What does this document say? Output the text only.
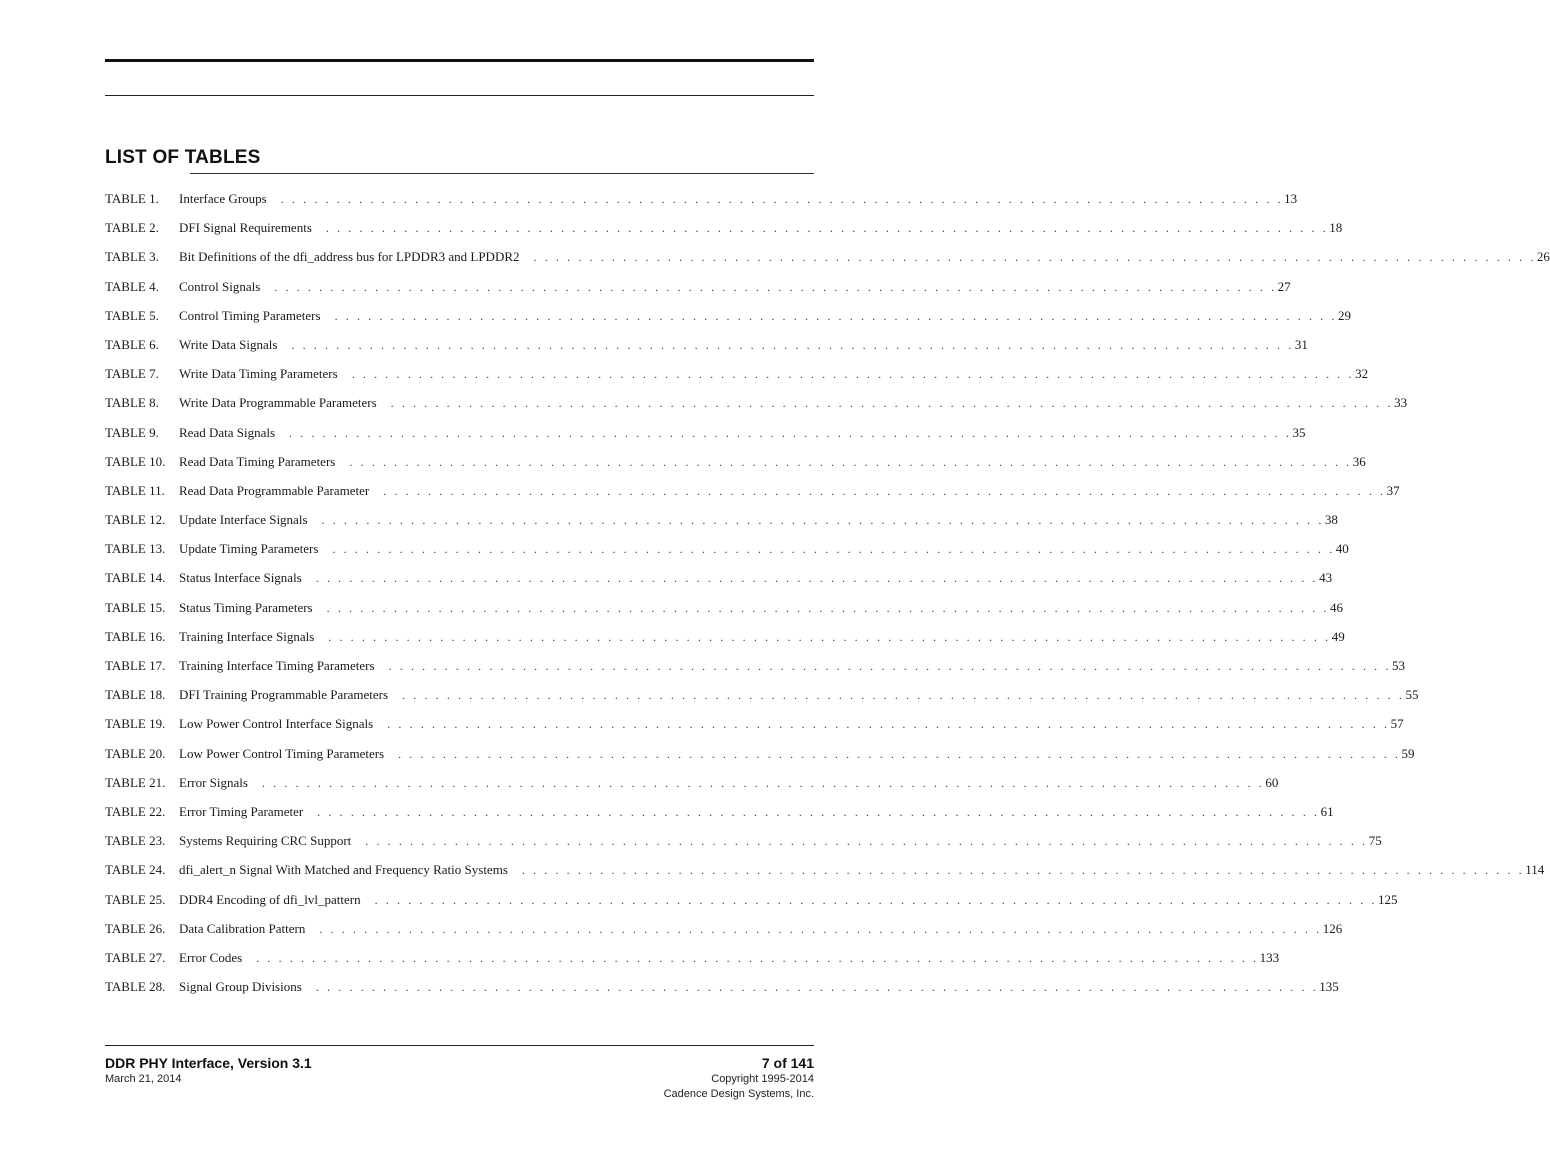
LIST OF TABLES
TABLE 1.	Interface Groups	. . . . . . . . . . . . . . . . . . . . . . . . . . . . . . . . . . . . . . . . . . . . . . . . . . . . . . . . . . . . . . . . . . . . . . . . . . . . . . . . . . . . . . . . . . 13
TABLE 2.	DFI Signal Requirements	. . . . . . . . . . . . . . . . . . . . . . . . . . . . . . . . . . . . . . . . . . . . . . . . . . . . . . . . . . . . . . . . . . . . . . . . . . . . . . . . . . . . . . . . . . 18
TABLE 3.	Bit Definitions of the dfi_address bus for LPDDR3 and LPDDR2	. . . . . . . . . . . . . . . . . . . . . . . . . . . . . . . . . . . . . . . . . . . . . . . . . . . . . . . . . . . . . . . . . . . . . . . . . . . . . . . . . . . . . . . . . . 26
TABLE 4.	Control Signals	. . . . . . . . . . . . . . . . . . . . . . . . . . . . . . . . . . . . . . . . . . . . . . . . . . . . . . . . . . . . . . . . . . . . . . . . . . . . . . . . . . . . . . . . . . 27
TABLE 5.	Control Timing Parameters	. . . . . . . . . . . . . . . . . . . . . . . . . . . . . . . . . . . . . . . . . . . . . . . . . . . . . . . . . . . . . . . . . . . . . . . . . . . . . . . . . . . . . . . . . . 29
TABLE 6.	Write Data Signals	. . . . . . . . . . . . . . . . . . . . . . . . . . . . . . . . . . . . . . . . . . . . . . . . . . . . . . . . . . . . . . . . . . . . . . . . . . . . . . . . . . . . . . . . . . 31
TABLE 7.	Write Data Timing Parameters	. . . . . . . . . . . . . . . . . . . . . . . . . . . . . . . . . . . . . . . . . . . . . . . . . . . . . . . . . . . . . . . . . . . . . . . . . . . . . . . . . . . . . . . . . . 32
TABLE 8.	Write Data Programmable Parameters	. . . . . . . . . . . . . . . . . . . . . . . . . . . . . . . . . . . . . . . . . . . . . . . . . . . . . . . . . . . . . . . . . . . . . . . . . . . . . . . . . . . . . . . . . . 33
TABLE 9.	Read Data Signals	. . . . . . . . . . . . . . . . . . . . . . . . . . . . . . . . . . . . . . . . . . . . . . . . . . . . . . . . . . . . . . . . . . . . . . . . . . . . . . . . . . . . . . . . . . 35
TABLE 10.	Read Data Timing Parameters	. . . . . . . . . . . . . . . . . . . . . . . . . . . . . . . . . . . . . . . . . . . . . . . . . . . . . . . . . . . . . . . . . . . . . . . . . . . . . . . . . . . . . . . . . . 36
TABLE 11.	Read Data Programmable Parameter	. . . . . . . . . . . . . . . . . . . . . . . . . . . . . . . . . . . . . . . . . . . . . . . . . . . . . . . . . . . . . . . . . . . . . . . . . . . . . . . . . . . . . . . . . . 37
TABLE 12.	Update Interface Signals	. . . . . . . . . . . . . . . . . . . . . . . . . . . . . . . . . . . . . . . . . . . . . . . . . . . . . . . . . . . . . . . . . . . . . . . . . . . . . . . . . . . . . . . . . . 38
TABLE 13.	Update Timing Parameters	. . . . . . . . . . . . . . . . . . . . . . . . . . . . . . . . . . . . . . . . . . . . . . . . . . . . . . . . . . . . . . . . . . . . . . . . . . . . . . . . . . . . . . . . . . 40
TABLE 14.	Status Interface Signals	. . . . . . . . . . . . . . . . . . . . . . . . . . . . . . . . . . . . . . . . . . . . . . . . . . . . . . . . . . . . . . . . . . . . . . . . . . . . . . . . . . . . . . . . . . 43
TABLE 15.	Status Timing Parameters	. . . . . . . . . . . . . . . . . . . . . . . . . . . . . . . . . . . . . . . . . . . . . . . . . . . . . . . . . . . . . . . . . . . . . . . . . . . . . . . . . . . . . . . . . . 46
TABLE 16.	Training Interface Signals	. . . . . . . . . . . . . . . . . . . . . . . . . . . . . . . . . . . . . . . . . . . . . . . . . . . . . . . . . . . . . . . . . . . . . . . . . . . . . . . . . . . . . . . . . . 49
TABLE 17.	Training Interface Timing Parameters	. . . . . . . . . . . . . . . . . . . . . . . . . . . . . . . . . . . . . . . . . . . . . . . . . . . . . . . . . . . . . . . . . . . . . . . . . . . . . . . . . . . . . . . . . . 53
TABLE 18.	DFI Training Programmable Parameters	. . . . . . . . . . . . . . . . . . . . . . . . . . . . . . . . . . . . . . . . . . . . . . . . . . . . . . . . . . . . . . . . . . . . . . . . . . . . . . . . . . . . . . . . . . 55
TABLE 19.	Low Power Control Interface Signals	. . . . . . . . . . . . . . . . . . . . . . . . . . . . . . . . . . . . . . . . . . . . . . . . . . . . . . . . . . . . . . . . . . . . . . . . . . . . . . . . . . . . . . . . . . 57
TABLE 20.	Low Power Control Timing Parameters	. . . . . . . . . . . . . . . . . . . . . . . . . . . . . . . . . . . . . . . . . . . . . . . . . . . . . . . . . . . . . . . . . . . . . . . . . . . . . . . . . . . . . . . . . . 59
TABLE 21.	Error Signals	. . . . . . . . . . . . . . . . . . . . . . . . . . . . . . . . . . . . . . . . . . . . . . . . . . . . . . . . . . . . . . . . . . . . . . . . . . . . . . . . . . . . . . . . . . 60
TABLE 22.	Error Timing Parameter	. . . . . . . . . . . . . . . . . . . . . . . . . . . . . . . . . . . . . . . . . . . . . . . . . . . . . . . . . . . . . . . . . . . . . . . . . . . . . . . . . . . . . . . . . . 61
TABLE 23.	Systems Requiring CRC Support	. . . . . . . . . . . . . . . . . . . . . . . . . . . . . . . . . . . . . . . . . . . . . . . . . . . . . . . . . . . . . . . . . . . . . . . . . . . . . . . . . . . . . . . . . . 75
TABLE 24.	dfi_alert_n Signal With Matched and Frequency Ratio Systems	. . . . . . . . . . . . . . . . . . . . . . . . . . . . . . . . . . . . . . . . . . . . . . . . . . . . . . . . . . . . . . . . . . . . . . . . . . . . . . . . . . . . . . . . . . 114
TABLE 25.	DDR4 Encoding of dfi_lvl_pattern	. . . . . . . . . . . . . . . . . . . . . . . . . . . . . . . . . . . . . . . . . . . . . . . . . . . . . . . . . . . . . . . . . . . . . . . . . . . . . . . . . . . . . . . . . . 125
TABLE 26.	Data Calibration Pattern	. . . . . . . . . . . . . . . . . . . . . . . . . . . . . . . . . . . . . . . . . . . . . . . . . . . . . . . . . . . . . . . . . . . . . . . . . . . . . . . . . . . . . . . . . . 126
TABLE 27.	Error Codes	. . . . . . . . . . . . . . . . . . . . . . . . . . . . . . . . . . . . . . . . . . . . . . . . . . . . . . . . . . . . . . . . . . . . . . . . . . . . . . . . . . . . . . . . . . 133
TABLE 28.	Signal Group Divisions	. . . . . . . . . . . . . . . . . . . . . . . . . . . . . . . . . . . . . . . . . . . . . . . . . . . . . . . . . . . . . . . . . . . . . . . . . . . . . . . . . . . . . . . . . . 135
DDR PHY Interface, Version 3.1
March 21, 2014
7 of 141
Copyright 1995-2014
Cadence Design Systems, Inc.
